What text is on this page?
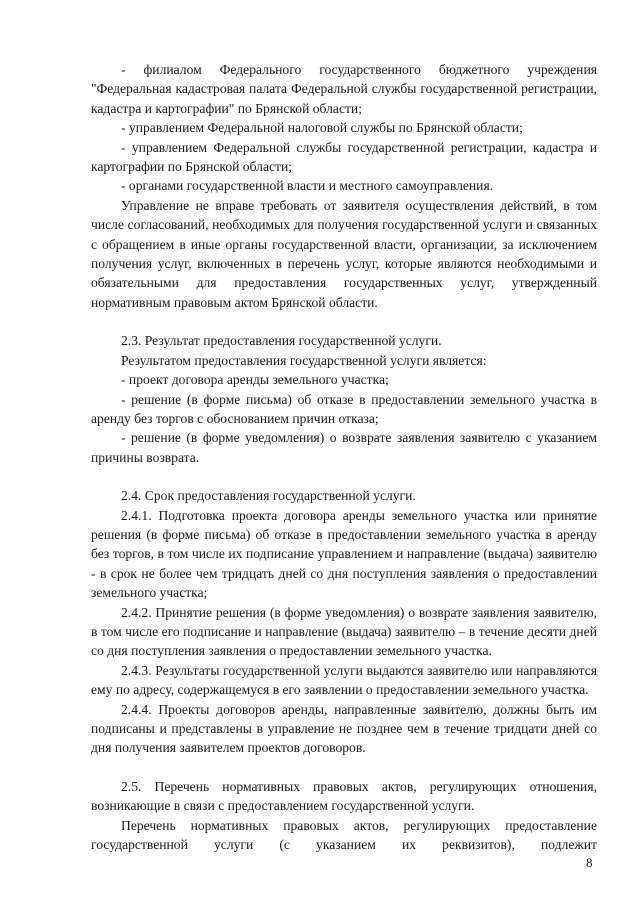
- филиалом Федерального государственного бюджетного учреждения "Федеральная кадастровая палата Федеральной службы государственной регистрации, кадастра и картографии" по Брянской области;

- управлением Федеральной налоговой службы по Брянской области;

- управлением Федеральной службы государственной регистрации, кадастра и картографии по Брянской области;

- органами государственной власти и местного самоуправления.

Управление не вправе требовать от заявителя осуществления действий, в том числе согласований, необходимых для получения государственной услуги и связанных с обращением в иные органы государственной власти, организации, за исключением получения услуг, включенных в перечень услуг, которые являются необходимыми и обязательными для предоставления государственных услуг, утвержденный нормативным правовым актом Брянской области.

2.3. Результат предоставления государственной услуги.

Результатом предоставления государственной услуги является:

- проект договора аренды земельного участка;

- решение (в форме письма) об отказе в предоставлении земельного участка в аренду без торгов с обоснованием причин отказа;

- решение (в форме уведомления) о возврате заявления заявителю с указанием причины возврата.

2.4. Срок предоставления государственной услуги.

2.4.1. Подготовка проекта договора аренды земельного участка или принятие решения (в форме письма) об отказе в предоставлении земельного участка в аренду без торгов, в том числе их подписание управлением и направление (выдача) заявителю - в срок не более чем тридцать дней со дня поступления заявления о предоставлении земельного участка;

2.4.2. Принятие решения (в форме уведомления) о возврате заявления заявителю, в том числе его подписание и направление (выдача) заявителю – в течение десяти дней со дня поступления заявления о предоставлении земельного участка.

2.4.3. Результаты государственной услуги выдаются заявителю или направляются ему по адресу, содержащемуся в его заявлении о предоставлении земельного участка.

2.4.4. Проекты договоров аренды, направленные заявителю, должны быть им подписаны и представлены в управление не позднее чем в течение тридцати дней со дня получения заявителем проектов договоров.

2.5. Перечень нормативных правовых актов, регулирующих отношения, возникающие в связи с предоставлением государственной услуги.

Перечень нормативных правовых актов, регулирующих предоставление государственной услуги (с указанием их реквизитов), подлежит

8
